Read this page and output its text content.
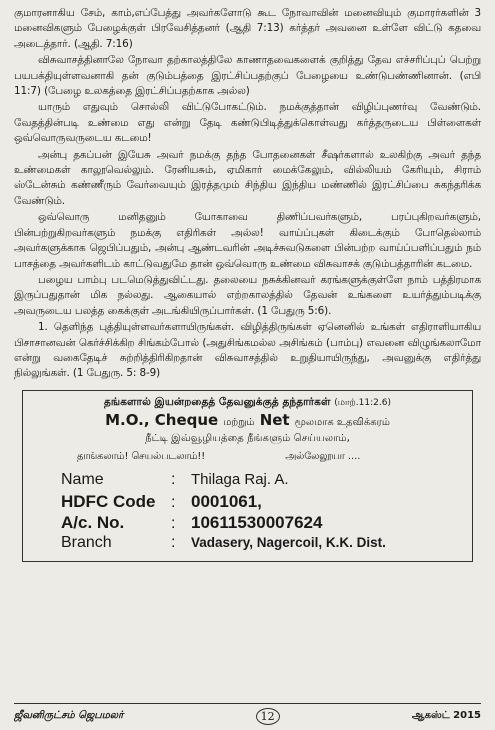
குமாரனாகிய சேம், காம்,எப்பேத்து அவர்களோடு கூட நோவாவின் மனைவியும் குமாரர்களின் 3 மனைவிகளும் பேழைக்குள் பிரவேசித்தனர் (ஆதி 7:13) கர்த்தர் அவனை உள்ளே விட்டு கதவை அடைத்தார். (ஆதி. 7:16)

விசுவாசத்தினாலே நோவா தற்காலத்திலே காணாதவைகளைக் குறித்து தேவ எச்சரிப்புப் பெற்று பயபக்தியுள்ளவனாகி தன் குடும்பத்தை இரட்சிப்பதற்குப் பேழையை உண்டுபண்ணினான். (எபி 11:7) (பேழை உலகத்தை இரட்சிப்பதற்காக அல்ல)

யாரும் எதுவும் சொல்லி விட்டுபோகட்டும். நமக்குத்தான் விழிப்புணர்வு வேண்டும். வேதத்தின்படி உண்மை எது என்று தேடி கண்டுபிடித்துக்கொள்வது கர்த்தருடைய பிள்ளைகள் ஒவ்வொருவருடைய கடமை!

அன்பு தகப்பன் இயேசு அவர் நமக்கு தந்த போதனைகள் சீஷர்களால் உலகிற்கு அவர் தந்த உண்மைகள் காலூவெல்லும். ரேனியசும், ஏமிகார் மைக்கேலும், வில்லியம் கேரியும், சிராம் ஸ்டேன்சும் கண்ணீரும் வேர்வையும் இரத்தமும் சிந்திய இந்திய மண்ணில் இரட்சிப்பை சுகந்தரிக்க வேண்டும்.

ஒவ்வொரு மனிதனும் யோகாவை திணிப்பவர்களும், பரப்புகிறவர்களும், பின்பற்றுகிறவர்களும் நமக்கு எதிரிகள் அல்ல! வாய்ப்புகள் கிடைக்கும் போதெல்லாம் அவர்களுக்காக ஜெபிப்பதும், அன்பு ஆண்டவரின் அடிச்சுவடுகளை பின்பற்ற வாய்ப்பளிப்பதும் நம் பாசத்தை அவர்களிடம் காட்டுவதுமே தான் ஒவ்வொரு உண்மை விசுவாசக் குடும்பத்தாரின் கடமை.

பழைய பாம்பு படமெடுத்துவிட்டது. தலையை நசுக்கினவர் கரங்களுக்குள்ளே நாம் பத்திரமாக இருப்பதுதான் மிக நல்லது. ஆகையால் எற்றகாலத்தில் தேவன் உங்களை உயர்த்தும்படிக்கு அவருடைய பலத்த கைக்குள் அடங்கியிருப்பார்கள். (1 பேதுரு 5:6).

1. தெளிந்த புத்தியுள்ளவர்களாயிருங்கள். விழித்திருங்கள் ஏனெனில் உங்கள் எதிராளியாகிய பிசாசானவன் கெர்ச்சிக்கிற சிங்கம்போல் (அதுசிங்கமல்ல அசிங்கம் (பாம்பு) எவனை விழுங்கலாமோ என்று வகைதேடிச் சுற்றித்திரிகிறதான் விசுவாசத்தில் உறுதியாயிருந்து, அவனுக்கு எதிர்த்து நில்லுங்கள். (1 பேதுரு. 5: 8-9)

தங்களால் இயன்றதைத் தேவனுக்குத் தந்தார்கள் (மாற்.11:2.6)
M.O., Cheque மற்றும் Net மூலமாக உதவிக்கரம்
நீட்டி இவ்வூழியத்தை நீங்களும் செய்யலாம்,
தாங்கலாம்! செயல்படலாம்!!	அல்லேலூயா ....
Name	:	Thilaga Raj. A.
HDFC Code : 0001061,
A/c. No.	: 10611530007624
Branch	:	Vadasery, Nagercoil, K.K. Dist.
ஜீவனிருட்சம் ஜெபமலர்	12	ஆகஸ்ட் 2015
